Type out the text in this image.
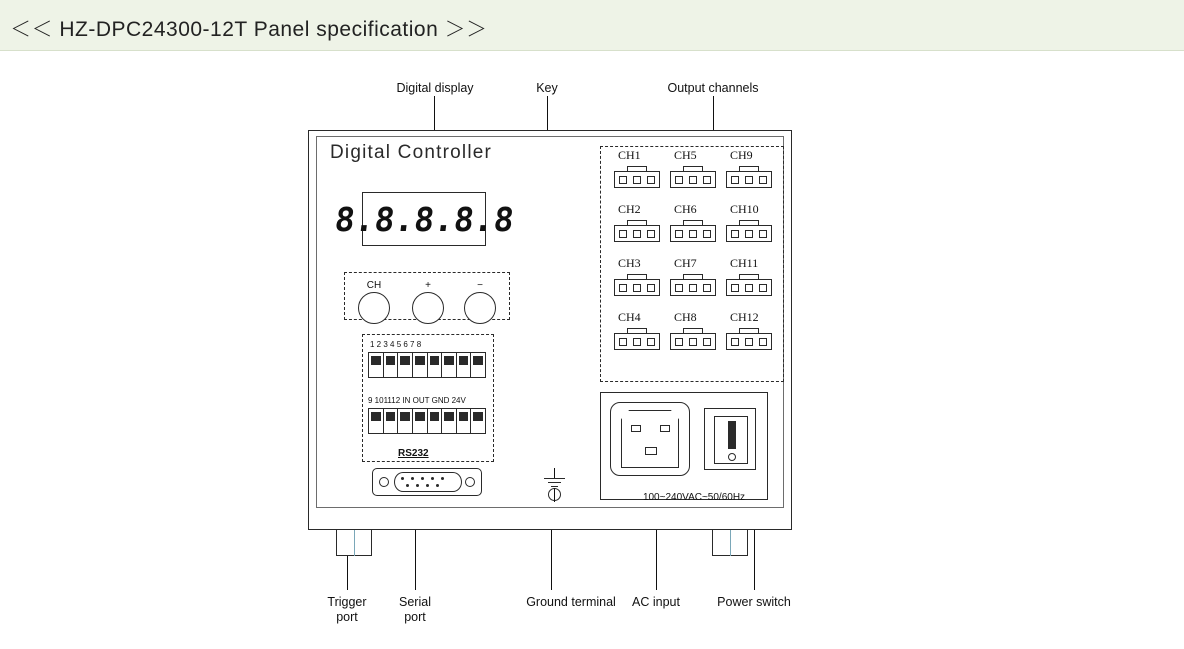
＜＜ HZ-DPC24300-12T Panel specification ＞＞
Digital display	Key	Output channels
Trigger
port
Serial
port
Ground terminal	AC input	Power switch
Digital Controller
8.8.8.8.8
CH	+	−
1 2 3 4 5 6 7 8
9 101112 IN OUT GND 24V
RS232
CH1	CH5	CH9
CH2	CH6	CH10
CH3	CH7	CH11
CH4	CH8	CH12
100~240VAC~50/60Hz
